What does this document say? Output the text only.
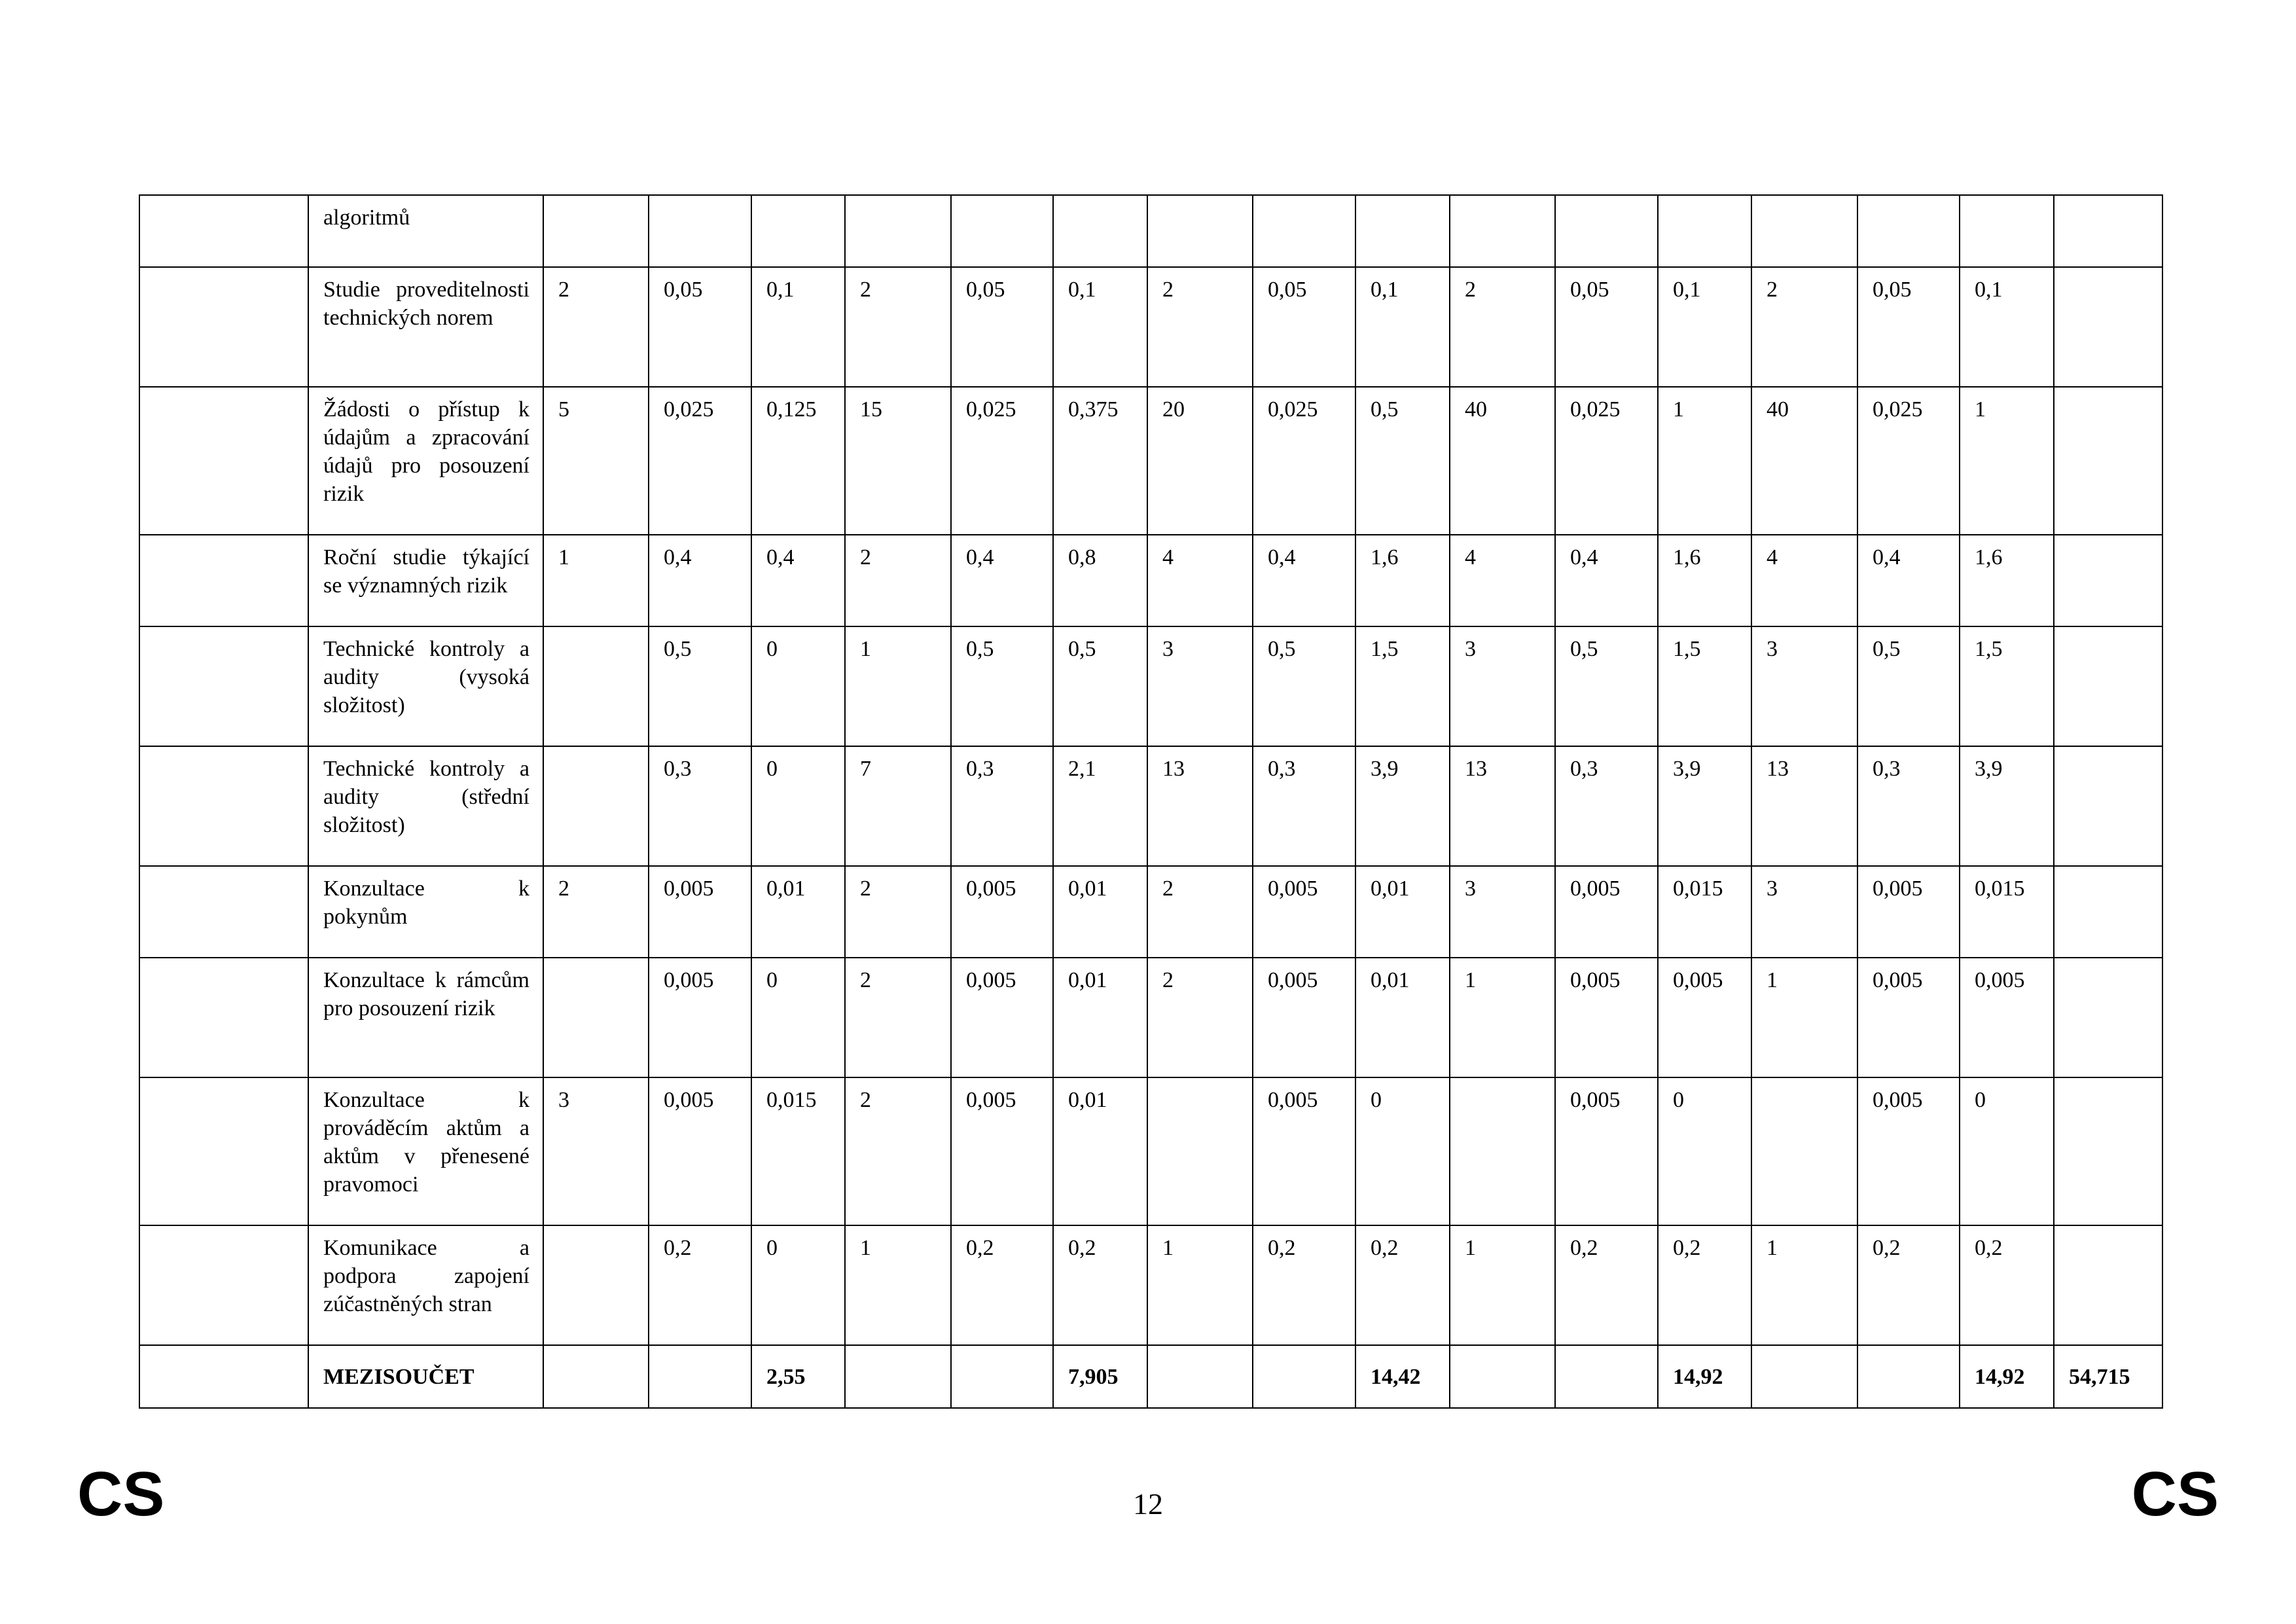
	algoritmů																
	Studie proveditelnosti technických norem	2	0,05	0,1	2	0,05	0,1	2	0,05	0,1	2	0,05	0,1	2	0,05	0,1	
	Žádosti o přístup k údajům a zpracování údajů pro posouzení rizik	5	0,025	0,125	15	0,025	0,375	20	0,025	0,5	40	0,025	1	40	0,025	1	
	Roční studie týkající se významných rizik	1	0,4	0,4	2	0,4	0,8	4	0,4	1,6	4	0,4	1,6	4	0,4	1,6	
	Technické kontroly a audity (vysoká složitost)		0,5	0	1	0,5	0,5	3	0,5	1,5	3	0,5	1,5	3	0,5	1,5	
	Technické kontroly a audity (střední složitost)		0,3	0	7	0,3	2,1	13	0,3	3,9	13	0,3	3,9	13	0,3	3,9	
	Konzultace k pokynům	2	0,005	0,01	2	0,005	0,01	2	0,005	0,01	3	0,005	0,015	3	0,005	0,015	
	Konzultace k rámcům pro posouzení rizik		0,005	0	2	0,005	0,01	2	0,005	0,01	1	0,005	0,005	1	0,005	0,005	
	Konzultace k prováděcím aktům a aktům v přenesené pravomoci	3	0,005	0,015	2	0,005	0,01		0,005	0		0,005	0		0,005	0	
	Komunikace a podpora zapojení zúčastněných stran		0,2	0	1	0,2	0,2	1	0,2	0,2	1	0,2	0,2	1	0,2	0,2	
	MEZISOUČET			2,55			7,905			14,42			14,92			14,92	54,715
CS	12	CS
